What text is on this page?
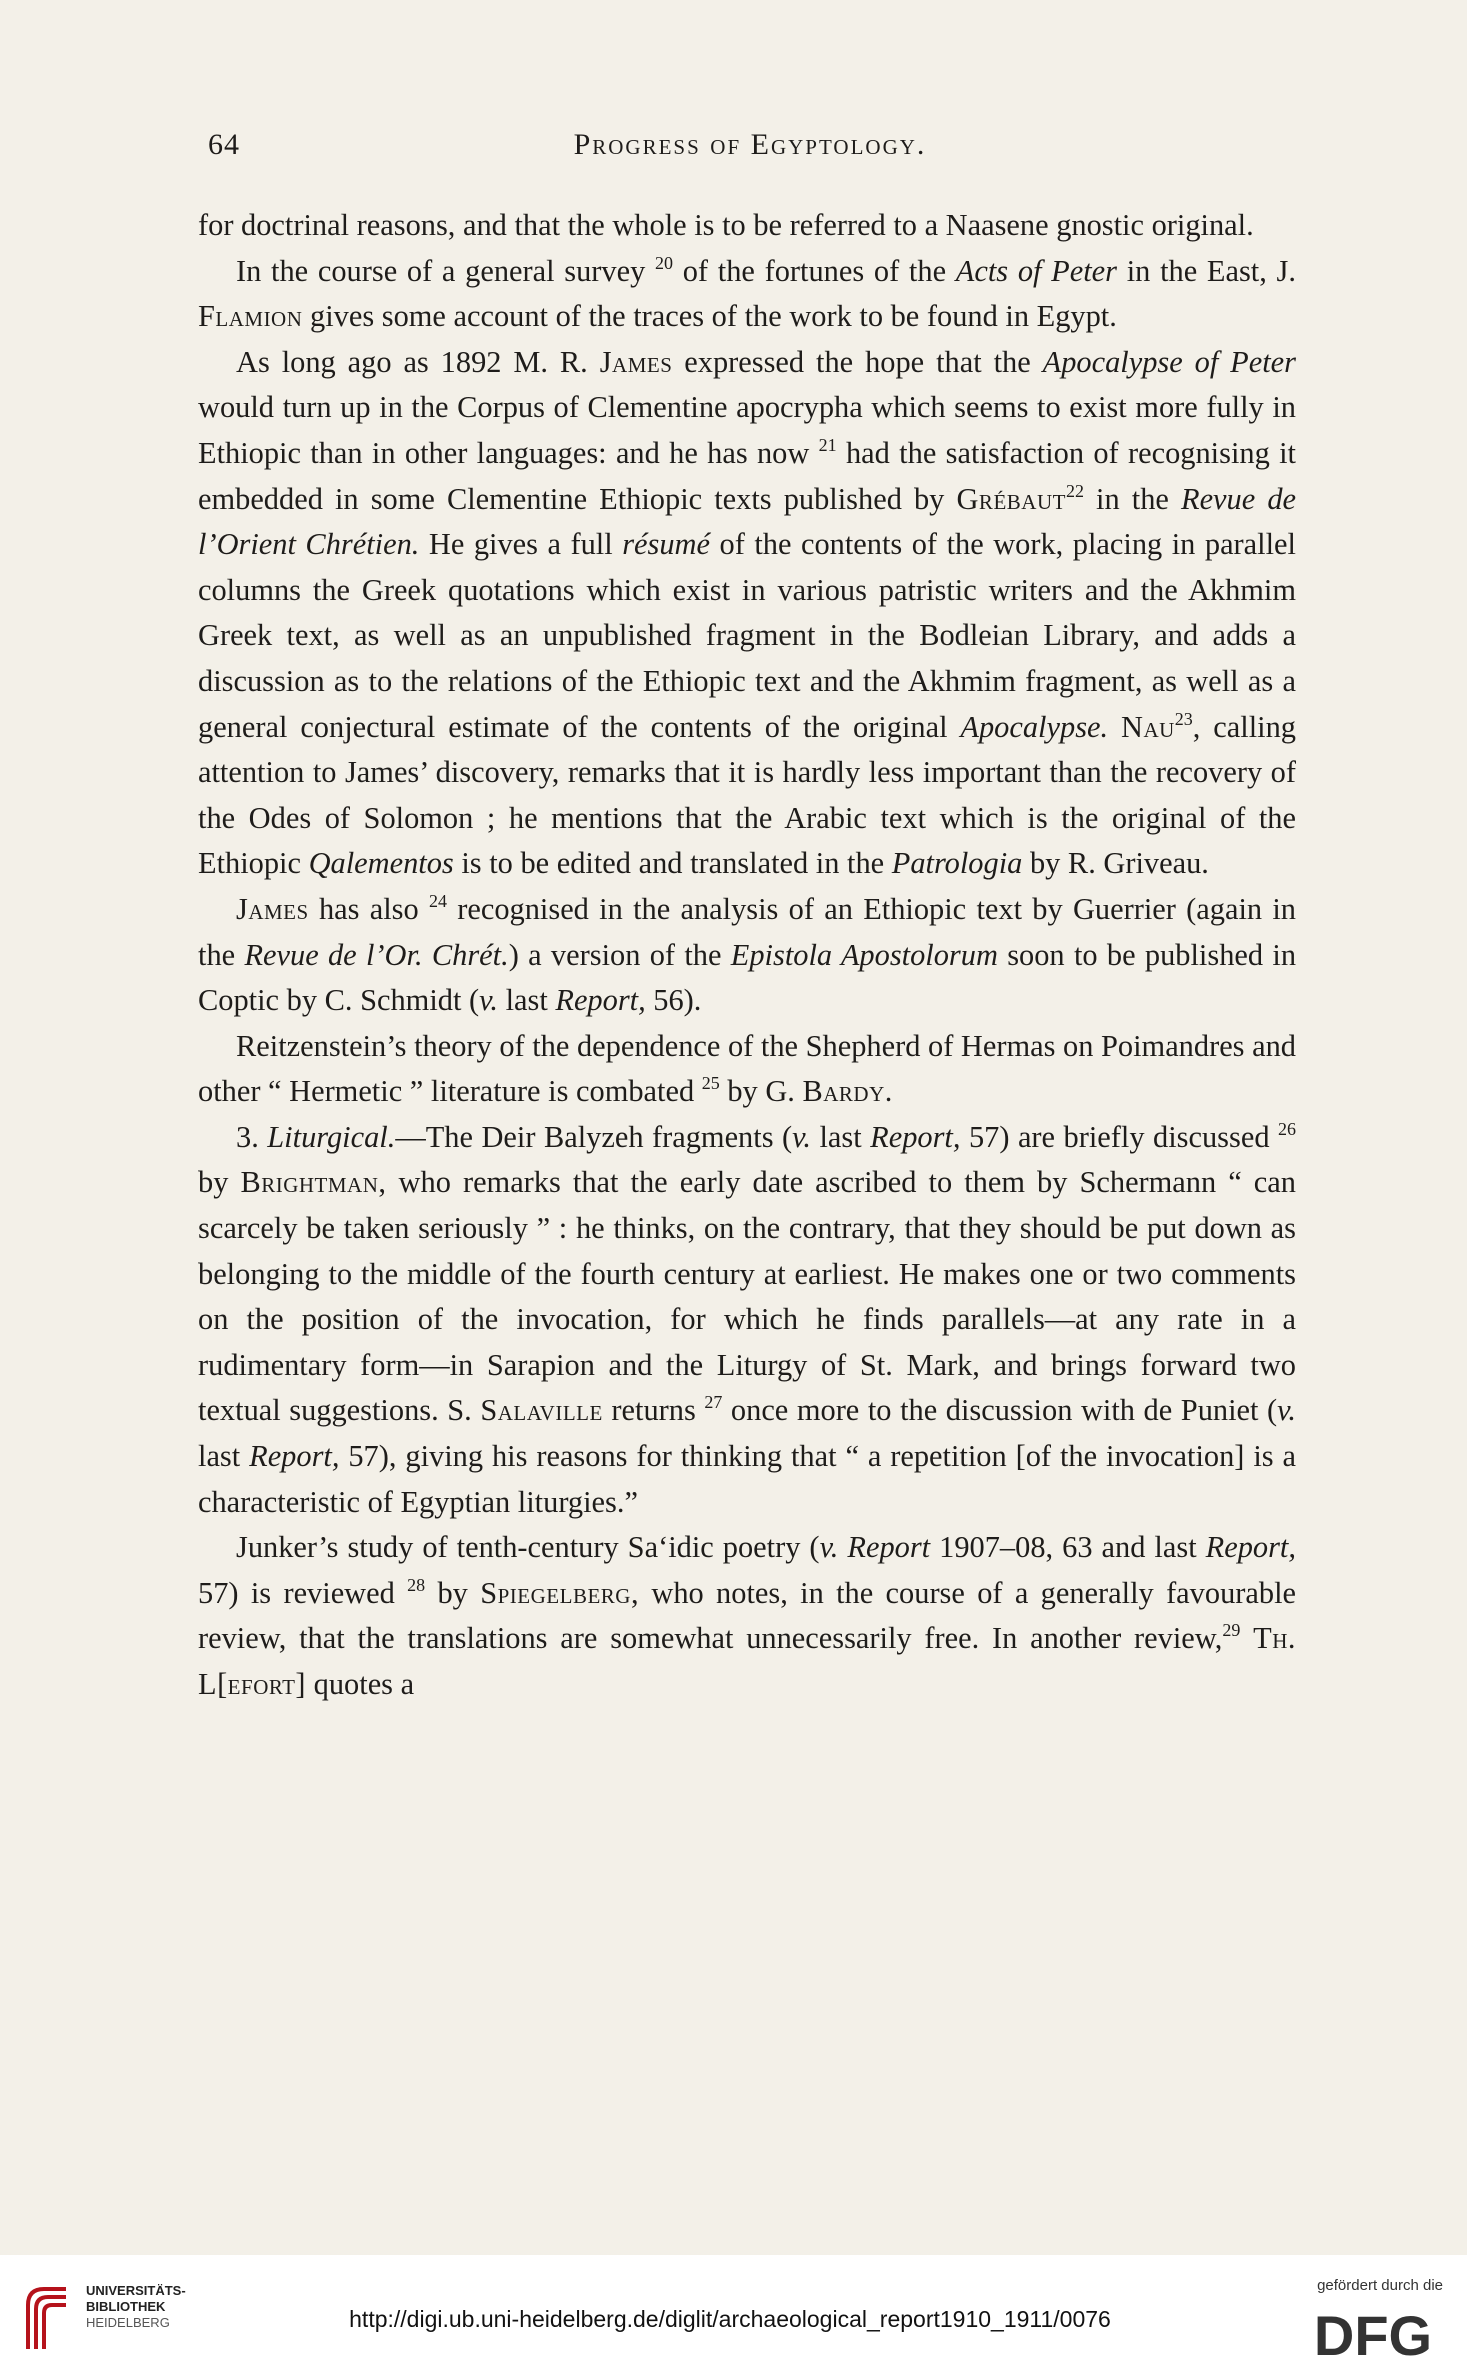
64	Progress of Egyptology.

for doctrinal reasons, and that the whole is to be referred to a Naasene gnostic original.

In the course of a general survey $^{20}$ of the fortunes of the Acts of Peter in the East, J. Flamion gives some account of the traces of the work to be found in Egypt.

As long ago as 1892 M. R. James expressed the hope that the Apocalypse of Peter would turn up in the Corpus of Clementine apocrypha which seems to exist more fully in Ethiopic than in other languages: and he has now $^{21}$ had the satisfaction of recognising it embedded in some Clementine Ethiopic texts published by Grébaut$^{22}$ in the Revue de l’Orient Chrétien. He gives a full résumé of the contents of the work, placing in parallel columns the Greek quotations which exist in various patristic writers and the Akhmim Greek text, as well as an unpublished fragment in the Bodleian Library, and adds a discussion as to the relations of the Ethiopic text and the Akhmim fragment, as well as a general conjectural estimate of the contents of the original Apocalypse. Nau$^{23}$, calling attention to James’ discovery, remarks that it is hardly less important than the recovery of the Odes of Solomon ; he mentions that the Arabic text which is the original of the Ethiopic Qalementos is to be edited and translated in the Patrologia by R. Griveau.

James has also $^{24}$ recognised in the analysis of an Ethiopic text by Guerrier (again in the Revue de l’Or. Chrét.) a version of the Epistola Apostolorum soon to be published in Coptic by C. Schmidt (v. last Report, 56).

Reitzenstein’s theory of the dependence of the Shepherd of Hermas on Poimandres and other “ Hermetic ” literature is combated $^{25}$ by G. Bardy.

3. Liturgical.—The Deir Balyzeh fragments (v. last Report, 57) are briefly discussed $^{26}$ by Brightman, who remarks that the early date ascribed to them by Schermann “ can scarcely be taken seriously ” : he thinks, on the contrary, that they should be put down as belonging to the middle of the fourth century at earliest. He makes one or two comments on the position of the invocation, for which he finds parallels—at any rate in a rudimentary form—in Sarapion and the Liturgy of St. Mark, and brings forward two textual suggestions. S. Salaville returns $^{27}$ once more to the discussion with de Puniet (v. last Report, 57), giving his reasons for thinking that “ a repetition [of the invocation] is a characteristic of Egyptian liturgies.”

Junker’s study of tenth-century Sa‘idic poetry (v. Report 1907–08, 63 and last Report, 57) is reviewed $^{28}$ by Spiegelberg, who notes, in the course of a generally favourable review, that the translations are somewhat unnecessarily free. In another review,$^{29}$ Th. L[efort] quotes a

UNIVERSITÄTS-
BIBLIOTHEK
HEIDELBERG	http://digi.ub.uni-heidelberg.de/diglit/archaeological_report1910_1911/0076
gefördert durch die
DFG
